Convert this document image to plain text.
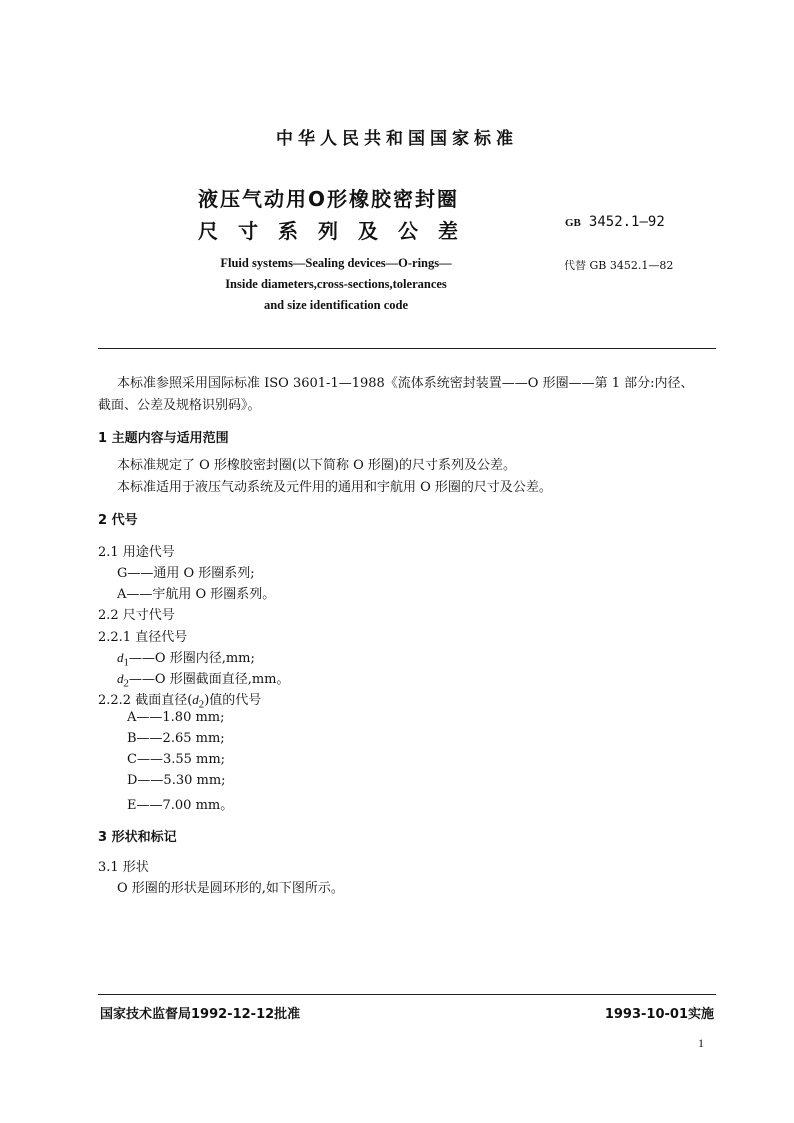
中华人民共和国国家标准
液压气动用O形橡胶密封圈
尺寸系列及公差	GB 3452.1—92
Fluid systems—Sealing devices—O-rings—
Inside diameters,cross-sections,tolerances
and size identification code
代替 GB 3452.1—82
本标准参照采用国际标准 ISO 3601-1—1988《流体系统密封装置——O 形圈——第 1 部分:内径、
截面、公差及规格识别码》。
1 主题内容与适用范围
本标准规定了 O 形橡胶密封圈(以下简称 O 形圈)的尺寸系列及公差。
本标准适用于液压气动系统及元件用的通用和宇航用 O 形圈的尺寸及公差。
2 代号
2.1 用途代号
G——通用 O 形圈系列;
A——宇航用 O 形圈系列。
2.2 尺寸代号
2.2.1 直径代号
$d_1——O$ 形圈内径,mm;
$d_2——O$ 形圈截面直径,mm。
2.2.2 截面直径$(d_2)$值的代号
A——1.80 mm;
B——2.65 mm;
C——3.55 mm;
D——5.30 mm;
E——7.00 mm。
3 形状和标记
3.1 形状
O 形圈的形状是圆环形的,如下图所示。
国家技术监督局1992-12-12批准	1993-10-01实施
1
